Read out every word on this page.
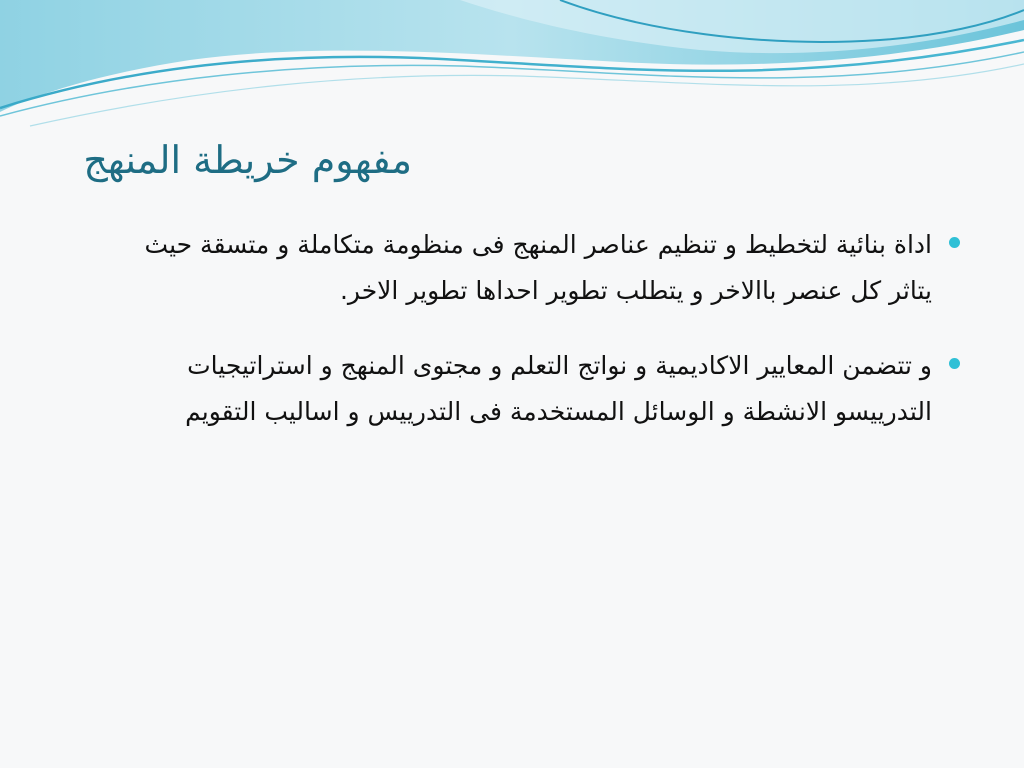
مفهوم خريطة المنهج
اداة بنائية لتخطيط و تنظيم عناصر المنهج فى منظومة متكاملة و متسقة حيث يتاثر كل عنصر باالاخر و يتطلب تطوير احداها تطوير الاخر.
و تتضمن المعايير الاكاديمية و نواتج التعلم و مجتوى المنهج و استراتيجيات التدرييسو الانشطة و الوسائل المستخدمة فى التدرييس و اساليب التقويم
